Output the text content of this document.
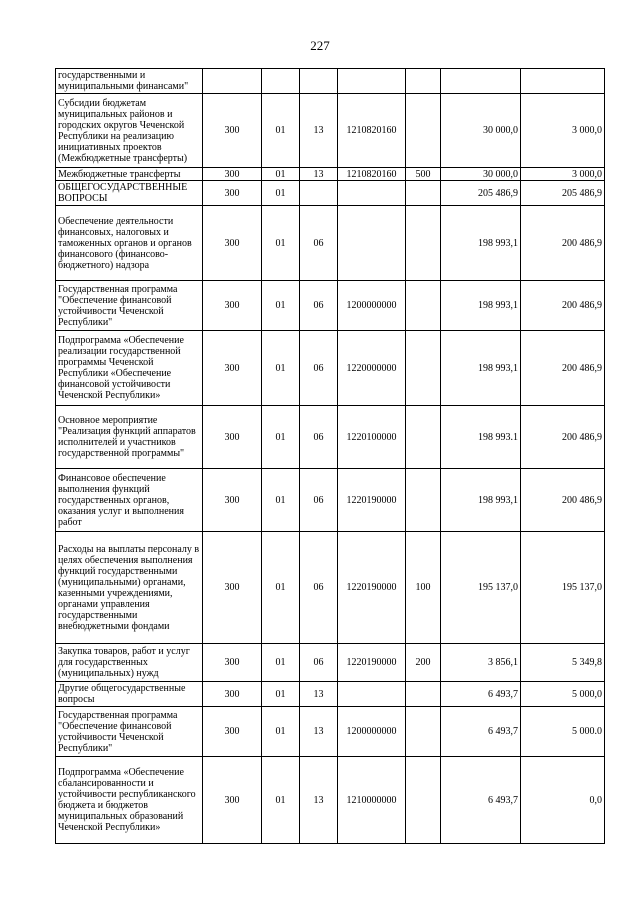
227
государственными и муниципальными финансами"							
Субсидии бюджетам муниципальных районов и городских округов Чеченской Республики на реализацию инициативных проектов (Межбюджетные трансферты)	300	01	13	1210820160		30 000,0	3 000,0
Межбюджетные трансферты	300	01	13	1210820160	500	30 000,0	3 000,0
ОБЩЕГОСУДАРСТВЕННЫЕ ВОПРОСЫ	300	01				205 486,9	205 486,9
Обеспечение деятельности финансовых, налоговых и таможенных органов и органов финансового (финансово-бюджетного) надзора	300	01	06			198 993,1	200 486,9
Государственная программа "Обеспечение финансовой устойчивости Чеченской Республики"	300	01	06	1200000000		198 993,1	200 486,9
Подпрограмма «Обеспечение реализации государственной программы Чеченской Республики «Обеспечение финансовой устойчивости Чеченской Республики»	300	01	06	1220000000		198 993,1	200 486,9
Основное мероприятие "Реализация функций аппаратов исполнителей и участников государственной программы"	300	01	06	1220100000		198 993.1	200 486,9
Финансовое обеспечение выполнения функций государственных органов, оказания услуг и выполнения работ	300	01	06	1220190000		198 993,1	200 486,9
Расходы на выплаты персоналу в целях обеспечения выполнения функций государственными (муниципальными) органами, казенными учреждениями, органами управления государственными внебюджетными фондами	300	01	06	1220190000	100	195 137,0	195 137,0
Закупка товаров, работ и услуг для государственных (муниципальных) нужд	300	01	06	1220190000	200	3 856,1	5 349,8
Другие общегосударственные вопросы	300	01	13			6 493,7	5 000,0
Государственная программа "Обеспечение финансовой устойчивости Чеченской Республики"	300	01	13	1200000000		6 493,7	5 000.0
Подпрограмма «Обеспечение сбалансированности и устойчивости республиканского бюджета и бюджетов муниципальных образований Чеченской Республики»	300	01	13	1210000000		6 493,7	0,0
